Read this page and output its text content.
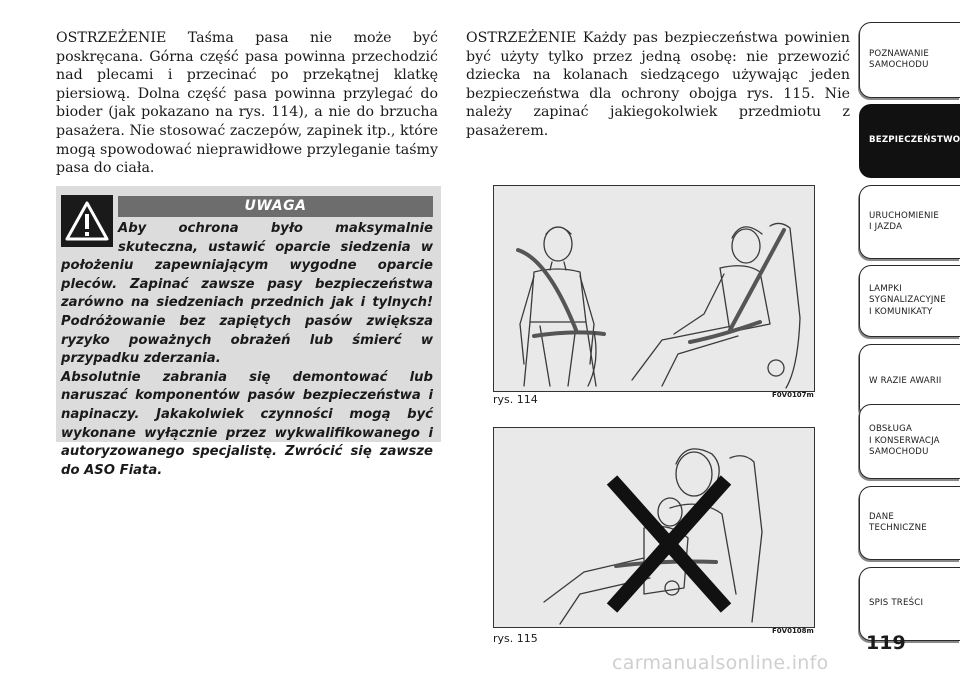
OSTRZEŻENIE Taśma pasa nie może być poskręcana. Górna część pasa powinna przechodzić nad plecami i przecinać po przekątnej klatkę piersiową. Dolna część pasa powinna przylegać do bioder (jak pokazano na rys. 114), a nie do brzucha pasażera. Nie stosować zaczepów, zapinek itp., które mogą spowodować nieprawidłowe przyleganie taśmy pasa do ciała.

OSTRZEŻENIE Każdy pas bezpieczeństwa powinien być użyty tylko przez jedną osobę: nie przewozić dziecka na kolanach siedzącego używając jeden bezpieczeństwa dla ochrony obojga rys. 115. Nie należy zapinać jakiegokolwiek przedmiotu z pasażerem.

UWAGA

Aby ochrona było maksymalnie skuteczna, ustawić oparcie siedzenia w położeniu zapewniającym wygodne oparcie pleców. Zapinać zawsze pasy bezpieczeństwa zarówno na siedzeniach przednich jak i tylnych! Podróżowanie bez zapiętych pasów zwiększa ryzyko poważnych obrażeń lub śmierć w przypadku zderzania.
Absolutnie zabrania się demontować lub naruszać komponentów pasów bezpieczeństwa i napinaczy. Jakakolwiek czynności mogą być wykonane wyłącznie przez wykwalifikowanego i autoryzowanego specjalistę. Zwrócić się zawsze do ASO Fiata.

F0V0107m
rys. 114
F0V0108m
rys. 115
POZNAWANIE
SAMOCHODU
BEZPIECZEŃSTWO
URUCHOMIENIE
I JAZDA
LAMPKI
SYGNALIZACYJNE
I KOMUNIKATY
W RAZIE AWARII
OBSŁUGA
I KONSERWACJA
SAMOCHODU
DANE
TECHNICZNE
SPIS TREŚCI
119
carmanualsonline.info
